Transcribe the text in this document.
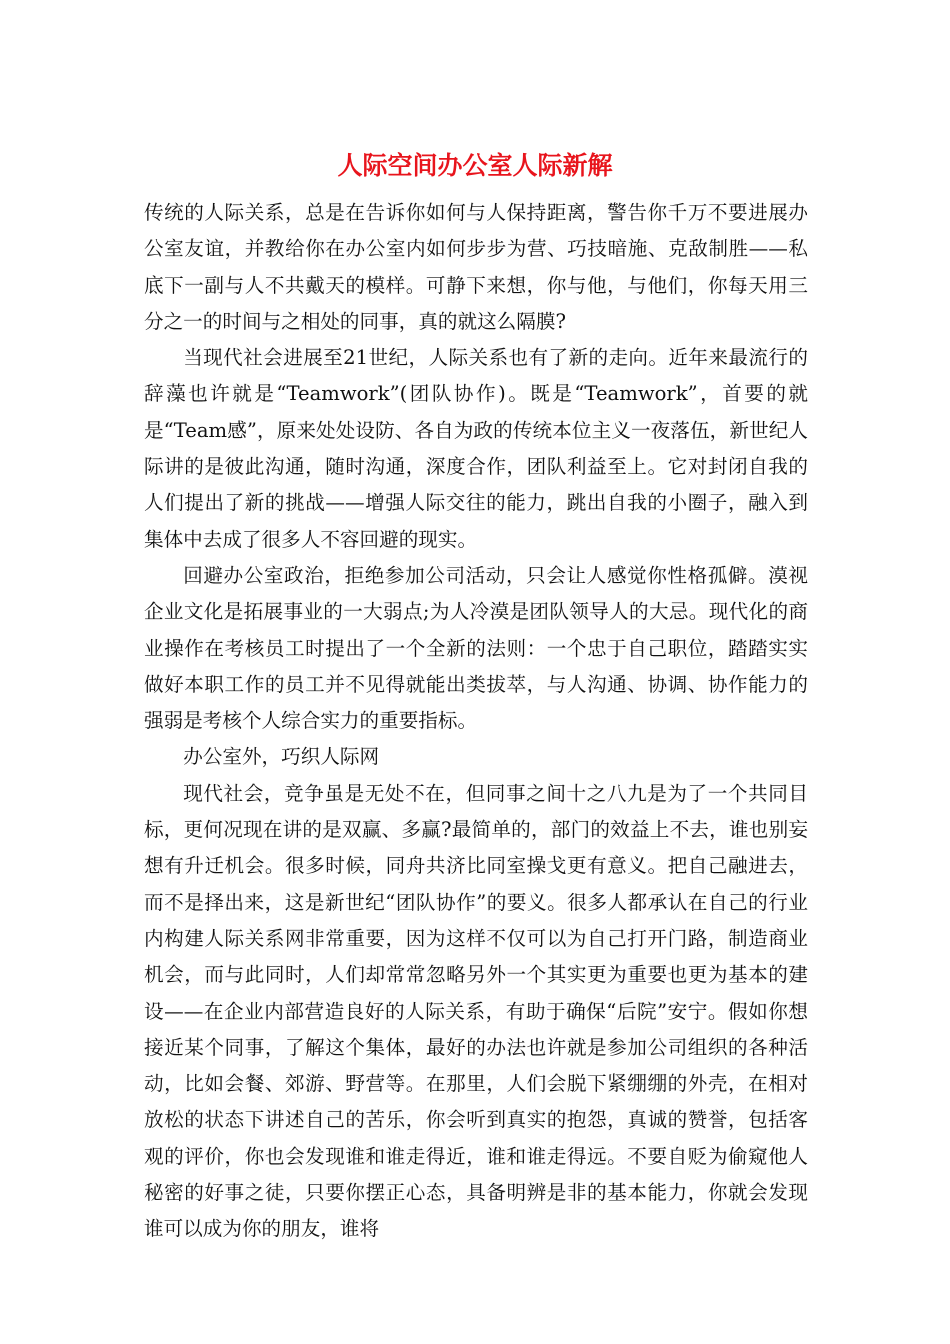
人际空间办公室人际新解

传统的人际关系，总是在告诉你如何与人保持距离，警告你千万不要进展办公室友谊，并教给你在办公室内如何步步为营、巧技暗施、克敌制胜——私底下一副与人不共戴天的模样。可静下来想，你与他，与他们，你每天用三分之一的时间与之相处的同事，真的就这么隔膜?

当现代社会进展至21世纪，人际关系也有了新的走向。近年来最流行的辞藻也许就是“Teamwork”(团队协作)。既是“Teamwork”，首要的就是“Team感”，原来处处设防、各自为政的传统本位主义一夜落伍，新世纪人际讲的是彼此沟通，随时沟通，深度合作，团队利益至上。它对封闭自我的人们提出了新的挑战——增强人际交往的能力，跳出自我的小圈子，融入到集体中去成了很多人不容回避的现实。

回避办公室政治，拒绝参加公司活动，只会让人感觉你性格孤僻。漠视企业文化是拓展事业的一大弱点;为人冷漠是团队领导人的大忌。现代化的商业操作在考核员工时提出了一个全新的法则：一个忠于自己职位，踏踏实实做好本职工作的员工并不见得就能出类拔萃，与人沟通、协调、协作能力的强弱是考核个人综合实力的重要指标。

办公室外，巧织人际网

现代社会，竞争虽是无处不在，但同事之间十之八九是为了一个共同目标，更何况现在讲的是双赢、多赢?最简单的，部门的效益上不去，谁也别妄想有升迁机会。很多时候，同舟共济比同室操戈更有意义。把自己融进去，而不是择出来，这是新世纪“团队协作”的要义。很多人都承认在自己的行业内构建人际关系网非常重要，因为这样不仅可以为自己打开门路，制造商业机会，而与此同时，人们却常常忽略另外一个其实更为重要也更为基本的建设——在企业内部营造良好的人际关系，有助于确保“后院”安宁。假如你想接近某个同事，了解这个集体，最好的办法也许就是参加公司组织的各种活动，比如会餐、郊游、野营等。在那里，人们会脱下紧绷绷的外壳，在相对放松的状态下讲述自己的苦乐，你会听到真实的抱怨，真诚的赞誉，包括客观的评价，你也会发现谁和谁走得近，谁和谁走得远。不要自贬为偷窥他人秘密的好事之徒，只要你摆正心态，具备明辨是非的基本能力，你就会发现谁可以成为你的朋友，谁将
